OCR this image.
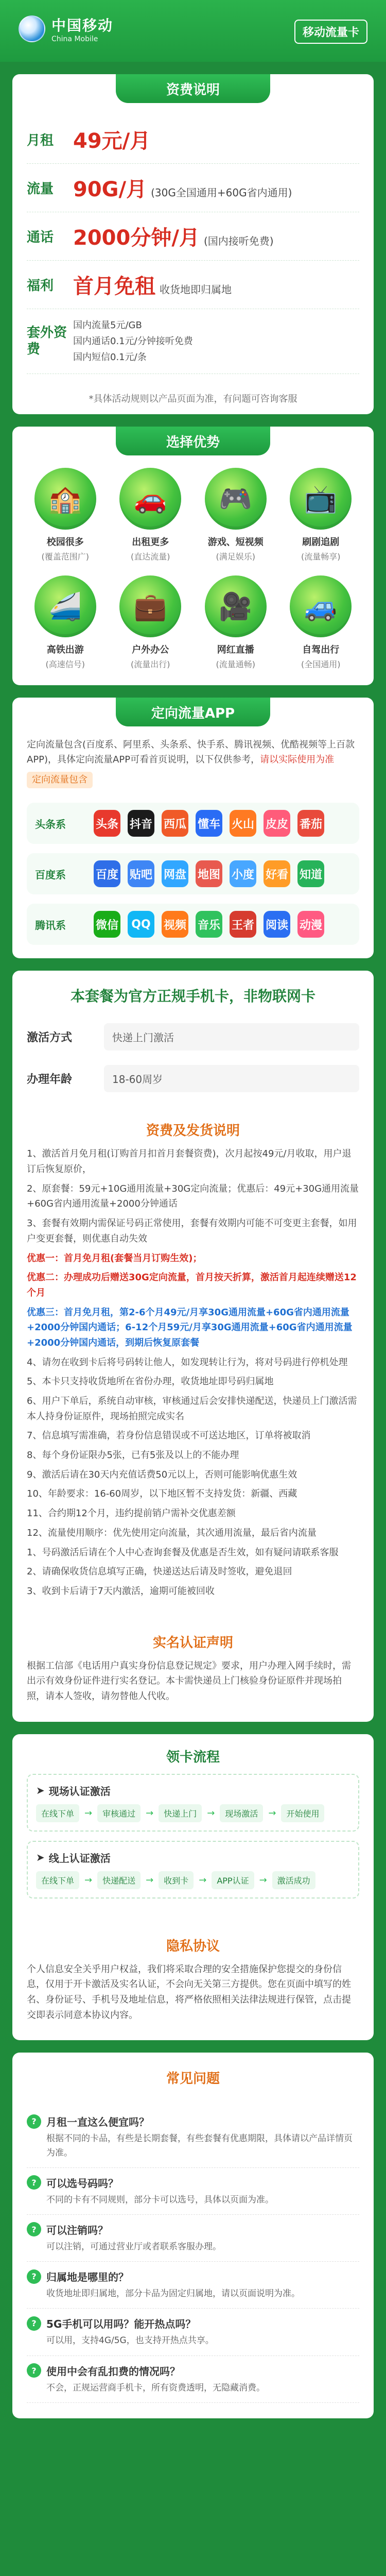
中国移动
China Mobile	移动流量卡
资费说明
月租 49元/月
流量 90G/月 (30G全国通用+60G省内通用)
通话 2000分钟/月 (国内接听免费)
福利 首月免租 收货地即归属地
套外资费
国内流量5元/GB
国内通话0.1元/分钟接听免费
国内短信0.1元/条
*具体活动规则以产品页面为准，有问题可咨询客服
选择优势
🏫
校园很多
(覆盖范围广)
🚗
出租更多
(直达流量)
🎮
游戏、短视频
(满足娱乐)
📺
刷剧追剧
(流量畅享)
🚄
高铁出游
(高速信号)
💼
户外办公
(流量出行)
🎥
网红直播
(流量通畅)
🚙
自驾出行
(全国通用)
定向流量APP
定向流量包含(百度系、阿里系、头条系、快手系、腾讯视频、优酷视频等上百款APP)，具体定向流量APP可看首页说明，以下仅供参考，请以实际使用为准
定向流量包含
头条系	头条 抖音 西瓜 懂车 火山 皮皮 番茄
百度系	百度 贴吧 网盘 地图 小度 好看 知道
腾讯系	微信	QQ	视频 音乐 王者 阅读 动漫
本套餐为官方正规手机卡，非物联网卡
激活方式	快递上门激活
办理年龄	18-60周岁
资费及发货说明

1、激活首月免月租(订购首月扣首月套餐资费)，次月起按49元/月收取，用户退订后恢复原价，

2、原套餐：59元+10G通用流量+30G定向流量；优惠后：49元+30G通用流量+60G省内通用流量+2000分钟通话

3、套餐有效期内需保证号码正常使用，套餐有效期内可能不可变更主套餐，如用户变更套餐，则优惠自动失效

优惠一：首月免月租(套餐当月订购生效)；

优惠二：办理成功后赠送30G定向流量，首月按天折算，激活首月起连续赠送12个月

优惠三：首月免月租，第2-6个月49元/月享30G通用流量+60G省内通用流量+2000分钟国内通话；6-12个月59元/月享30G通用流量+60G省内通用流量+2000分钟国内通话，到期后恢复原套餐

4、请勿在收到卡后将号码转让他人，如发现转让行为，将对号码进行停机处理

5、本卡只支持收货地所在省份办理，收货地址即号码归属地

6、用户下单后，系统自动审核，审核通过后会安排快递配送，快递员上门激活需本人持身份证原件，现场拍照完成实名

7、信息填写需准确，若身份信息错误或不可送达地区，订单将被取消

8、每个身份证限办5张，已有5张及以上的不能办理

9、激活后请在30天内充值话费50元以上，否则可能影响优惠生效

10、年龄要求：16-60周岁，以下地区暂不支持发货：新疆、西藏

11、合约期12个月，违约提前销户需补交优惠差额

12、流量使用顺序：优先使用定向流量，其次通用流量，最后省内流量

1、号码激活后请在个人中心查询套餐及优惠是否生效，如有疑问请联系客服

2、请确保收货信息填写正确，快递送达后请及时签收，避免退回

3、收到卡后请于7天内激活，逾期可能被回收

实名认证声明

根据工信部《电话用户真实身份信息登记规定》要求，用户办理入网手续时，需出示有效身份证件进行实名登记。本卡需快递员上门核验身份证原件并现场拍照，请本人签收，请勿替他人代收。

领卡流程
➤ 现场认证激活
在线下单	→	审核通过	→	快递上门	→	现场激活	→	开始使用
➤ 线上认证激活
在线下单	→	快递配送	→	收到卡	→	APP认证	→	激活成功
隐私协议

个人信息安全关乎用户权益，我们将采取合理的安全措施保护您提交的身份信息，仅用于开卡激活及实名认证，不会向无关第三方提供。您在页面中填写的姓名、身份证号、手机号及地址信息，将严格依照相关法律法规进行保管，点击提交即表示同意本协议内容。

常见问题
? 月租一直这么便宜吗？
根据不同的卡品，有些是长期套餐，有些套餐有优惠期限，具体请以产品详情页为准。
? 可以选号码吗？
不同的卡有不同规则，部分卡可以选号，具体以页面为准。
? 可以注销吗？
可以注销，可通过营业厅或者联系客服办理。
? 归属地是哪里的？
收货地址即归属地，部分卡品为固定归属地，请以页面说明为准。
? 5G手机可以用吗？能开热点吗？
可以用，支持4G/5G，也支持开热点共享。
? 使用中会有乱扣费的情况吗？
不会，正规运营商手机卡，所有资费透明，无隐藏消费。
